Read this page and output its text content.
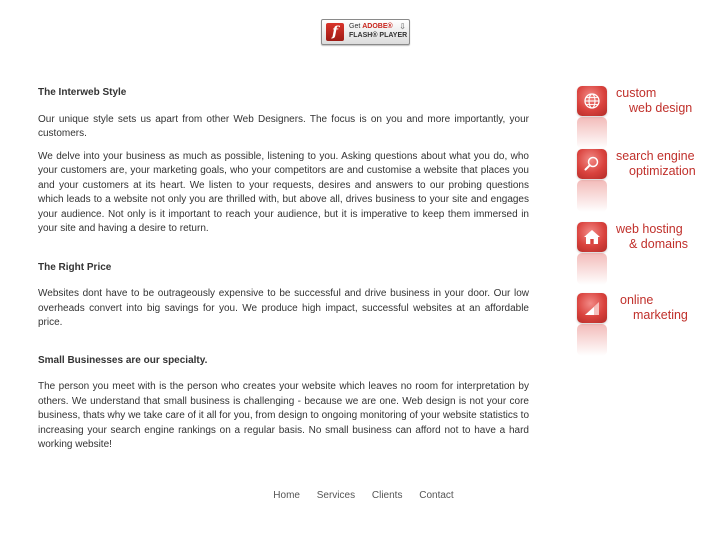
f	Get ADOBE®
FLASH® PLAYER
⇩
The Interweb Style

Our unique style sets us apart from other Web Designers. The focus is on you and more importantly, your customers.

We delve into your business as much as possible, listening to you. Asking questions about what you do, who your customers are, your marketing goals, who your competitors are and customise a website that places you and your customers at its heart. We listen to your requests, desires and answers to our probing questions which leads to a website not only you are thrilled with, but above all, drives business to your site and engages your audience. Not only is it important to reach your audience, but it is imperative to keep them immersed in your site and having a desire to return.

The Right Price

Websites dont have to be outrageously expensive to be successful and drive business in your door. Our low overheads convert into big savings for you. We produce high impact, successful websites at an affordable price.

Small Businesses are our specialty.

The person you meet with is the person who creates your website which leaves no room for interpretation by others. We understand that small business is challenging - because we are one. Web design is not your core business, thats why we take care of it all for you, from design to ongoing monitoring of your website statistics to increasing your search engine rankings on a regular basis. No small business can afford not to have a hard working website!

custom
web design
search engine
optimization
web hosting
& domains
online
marketing
Home Services Clients Contact
